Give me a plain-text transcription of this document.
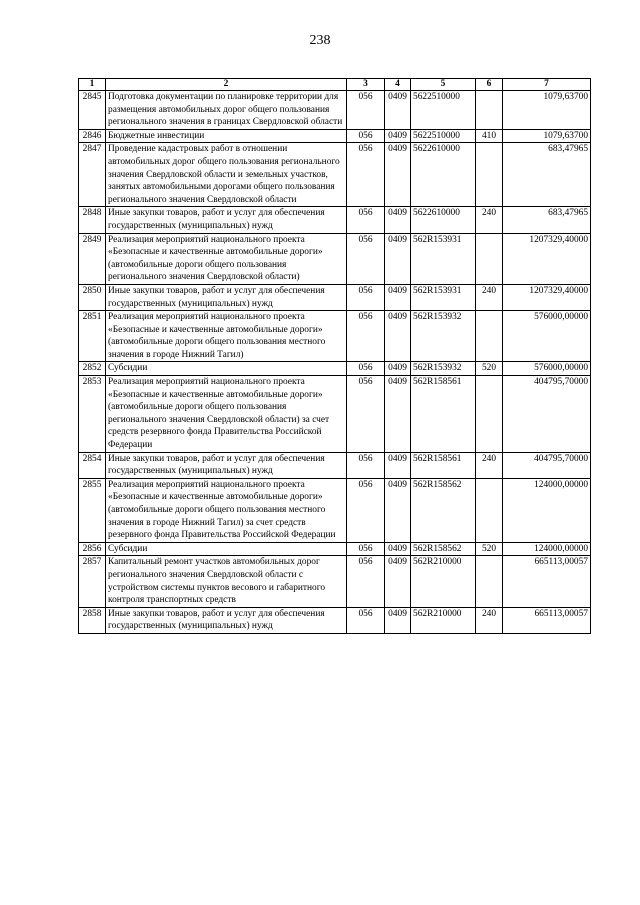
238
1	2	3	4	5	6	7
2845	Подготовка документации по планировке территории для размещения автомобильных дорог общего пользования регионального значения в границах Свердловской области	056	0409	5622510000		1079,63700
2846	Бюджетные инвестиции	056	0409	5622510000	410	1079,63700
2847	Проведение кадастровых работ в отношении автомобильных дорог общего пользования регионального значения Свердловской области и земельных участков, занятых автомобильными дорогами общего пользования регионального значения Свердловской области	056	0409	5622610000		683,47965
2848	Иные закупки товаров, работ и услуг для обеспечения государственных (муниципальных) нужд	056	0409	5622610000	240	683,47965
2849	Реализация мероприятий национального проекта «Безопасные и качественные автомобильные дороги» (автомобильные дороги общего пользования регионального значения Свердловской области)	056	0409	562R153931		1207329,40000
2850	Иные закупки товаров, работ и услуг для обеспечения государственных (муниципальных) нужд	056	0409	562R153931	240	1207329,40000
2851	Реализация мероприятий национального проекта «Безопасные и качественные автомобильные дороги» (автомобильные дороги общего пользования местного значения в городе Нижний Тагил)	056	0409	562R153932		576000,00000
2852	Субсидии	056	0409	562R153932	520	576000,00000
2853	Реализация мероприятий национального проекта «Безопасные и качественные автомобильные дороги» (автомобильные дороги общего пользования регионального значения Свердловской области) за счет средств резервного фонда Правительства Российской Федерации	056	0409	562R158561		404795,70000
2854	Иные закупки товаров, работ и услуг для обеспечения государственных (муниципальных) нужд	056	0409	562R158561	240	404795,70000
2855	Реализация мероприятий национального проекта «Безопасные и качественные автомобильные дороги» (автомобильные дороги общего пользования местного значения в городе Нижний Тагил) за счет средств резервного фонда Правительства Российской Федерации	056	0409	562R158562		124000,00000
2856	Субсидии	056	0409	562R158562	520	124000,00000
2857	Капитальный ремонт участков автомобильных дорог регионального значения Свердловской области с устройством системы пунктов весового и габаритного контроля транспортных средств	056	0409	562R210000		665113,00057
2858	Иные закупки товаров, работ и услуг для обеспечения государственных (муниципальных) нужд	056	0409	562R210000	240	665113,00057
